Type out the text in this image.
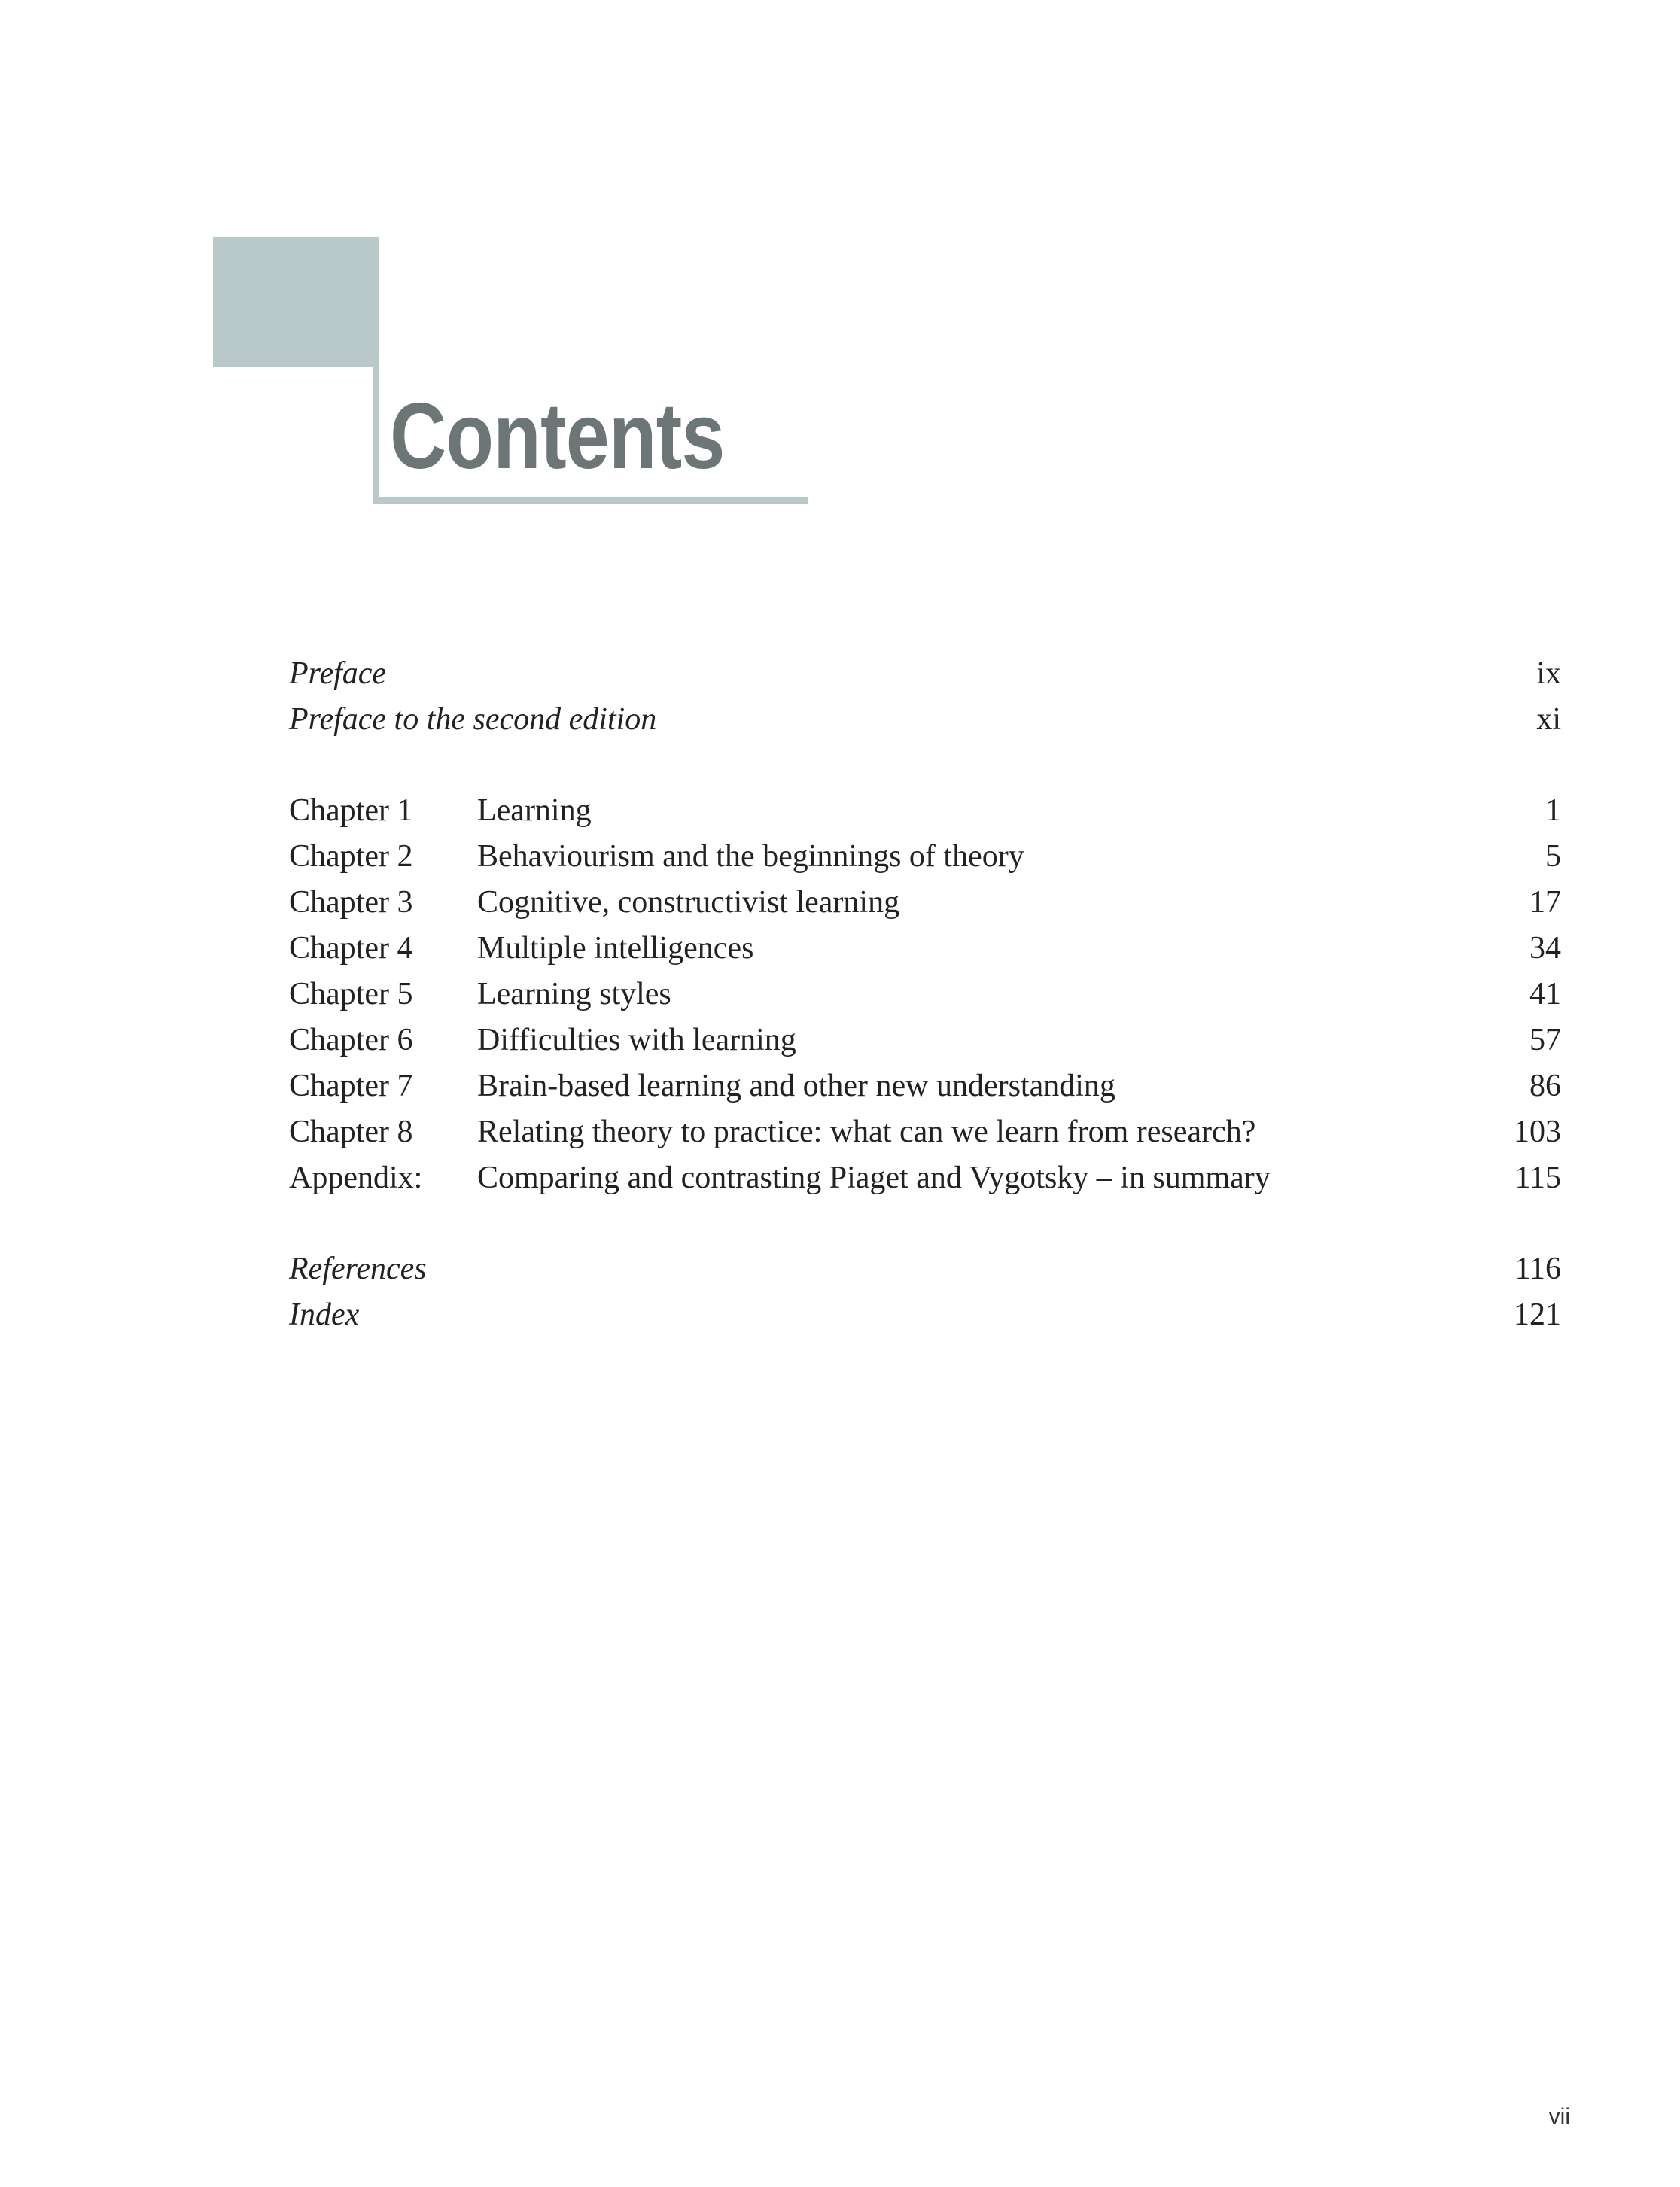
Contents
Preface	ix
Preface to the second edition	xi
Chapter 1 Learning	1
Chapter 2 Behaviourism and the beginnings of theory	5
Chapter 3 Cognitive, constructivist learning	17
Chapter 4 Multiple intelligences	34
Chapter 5 Learning styles	41
Chapter 6 Difficulties with learning	57
Chapter 7 Brain-based learning and other new understanding	86
Chapter 8 Relating theory to practice: what can we learn from research?	103
Appendix: Comparing and contrasting Piaget and Vygotsky – in summary	115
References	116
Index	121
vii
